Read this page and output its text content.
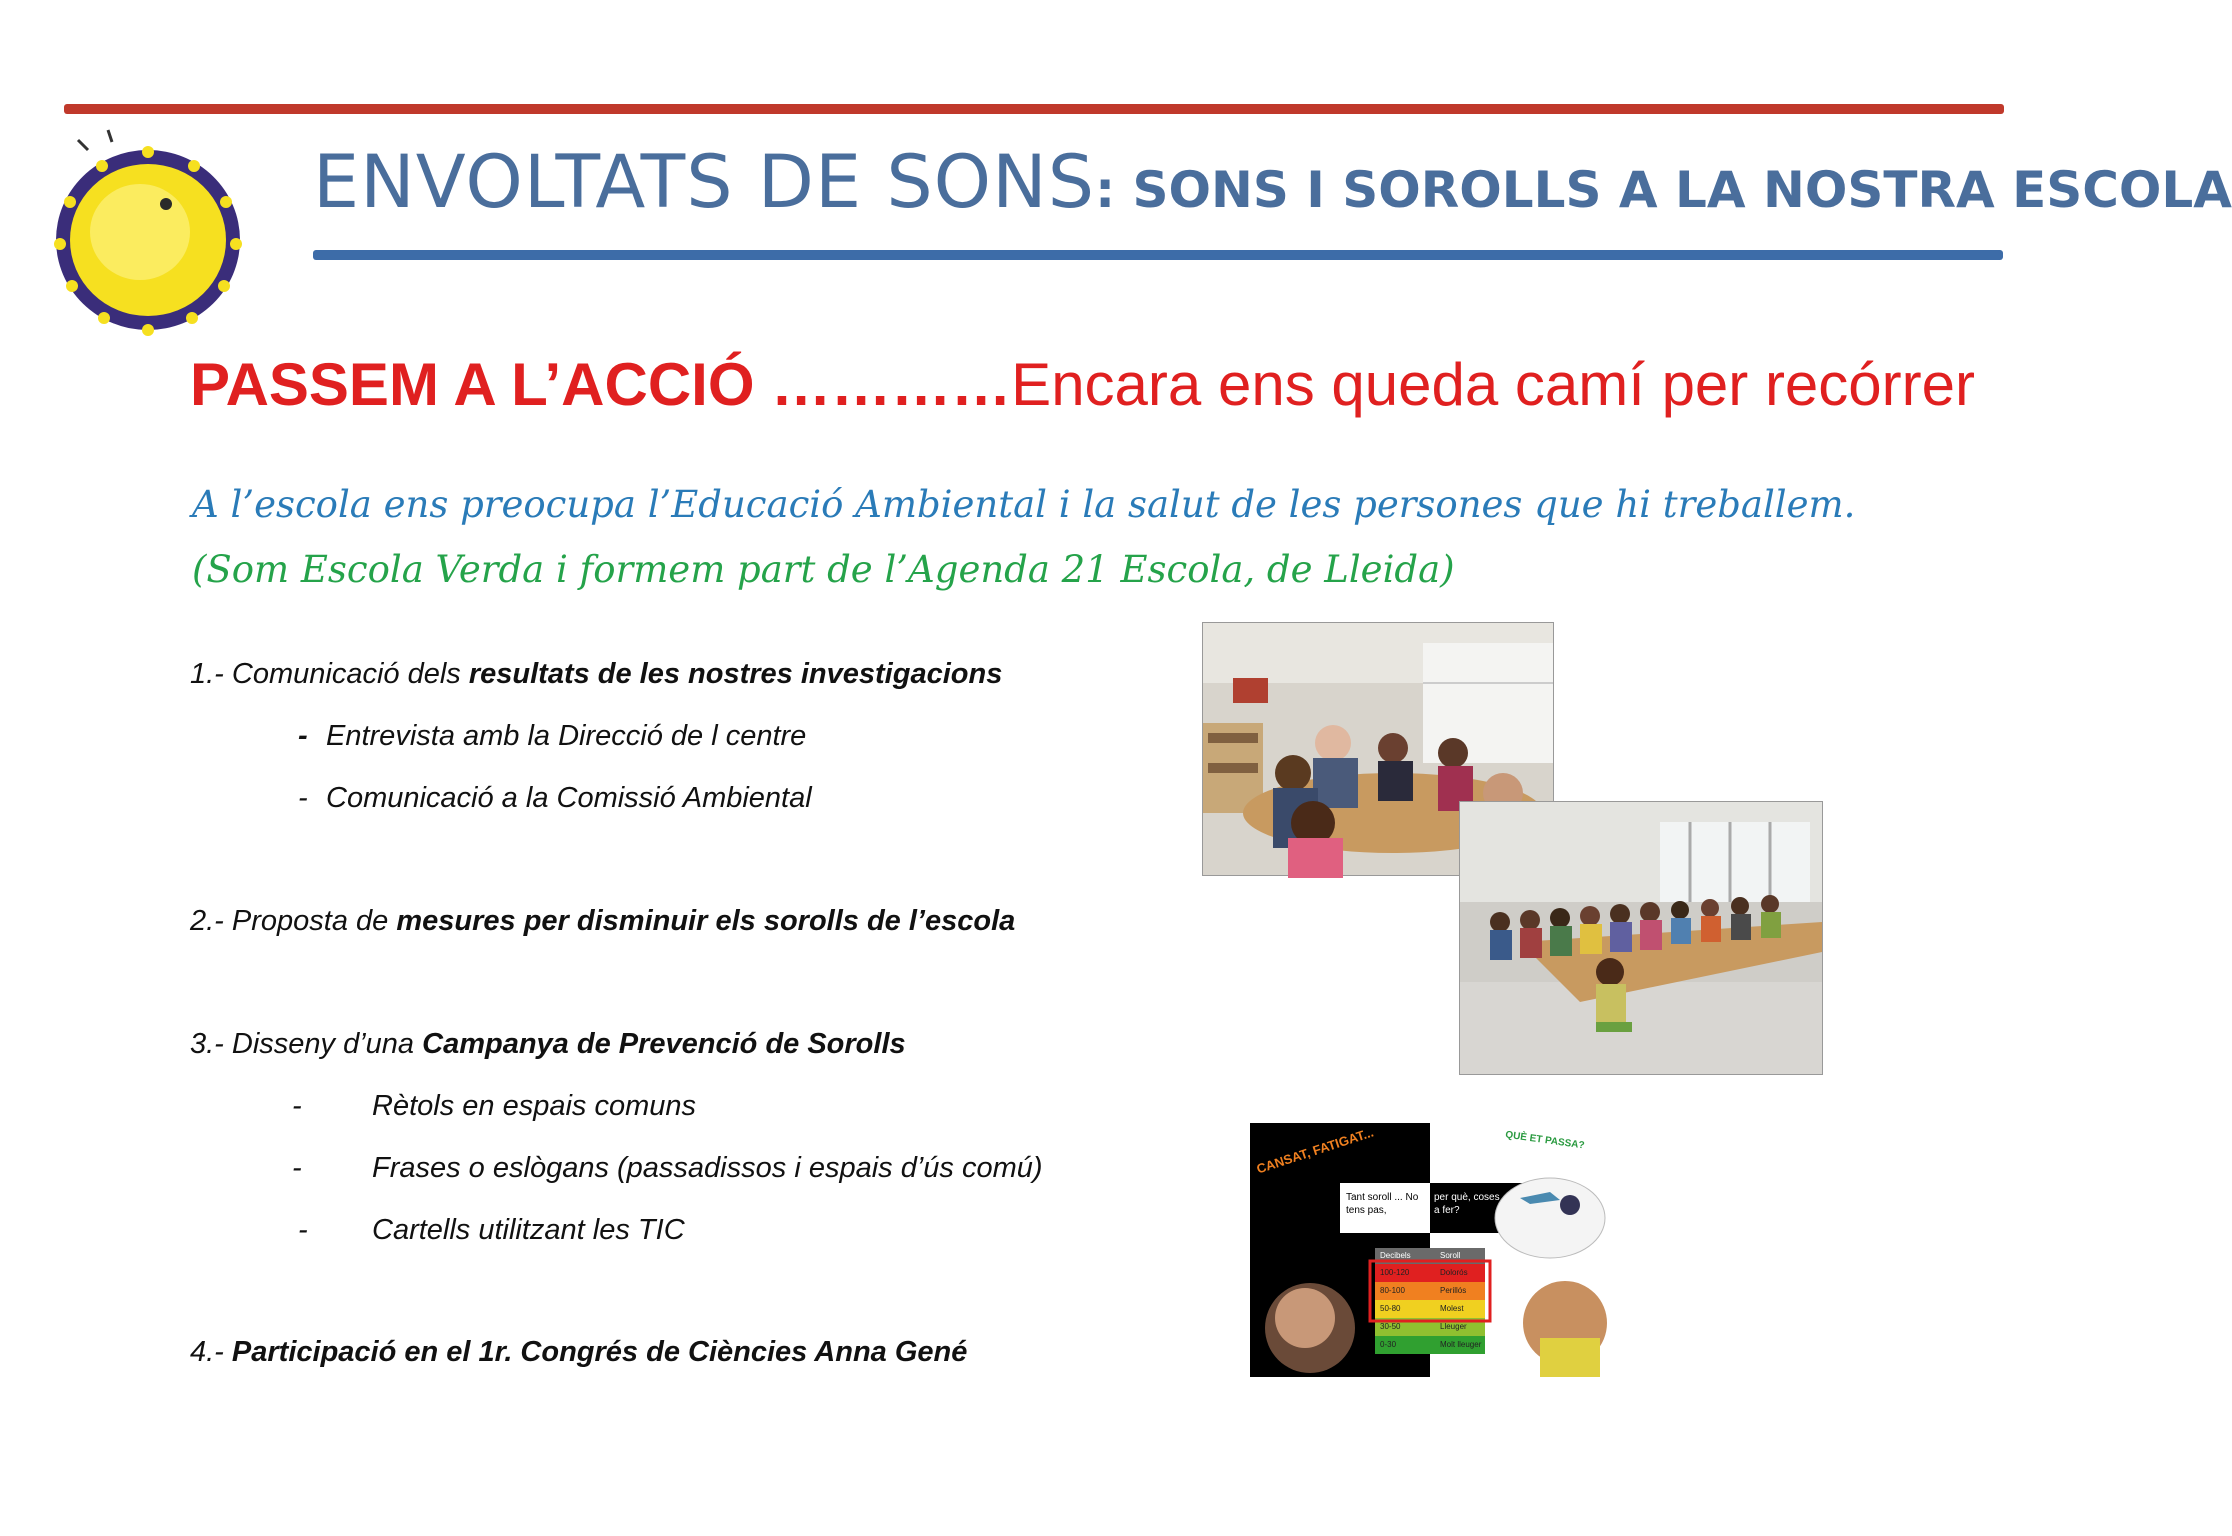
ENVOLTATS DE SONS: SONS I SOROLLS A LA NOSTRA ESCOLA
PASSEM A L’ACCIÓ …………Encara ens queda camí per recórrer
A l’escola ens preocupa l’Educació Ambiental i la salut de les persones que hi treballem.
(Som Escola Verda i formem part de l’Agenda 21 Escola, de Lleida)
1.- Comunicació dels resultats de les nostres investigacions
- Entrevista amb la Direcció de l centre
- Comunicació a la Comissió Ambiental
2.- Proposta de mesures per disminuir els sorolls de l’escola
3.- Disseny d’una Campanya de Prevenció de Sorolls
- Rètols en espais comuns
- Frases o eslògans (passadissos i espais d’ús comú)
- Cartells utilitzant les TIC
4.- Participació en el 1r. Congrés de Ciències Anna Gené
CANSAT, FATIGAT...	QUÈ ET PASSA?
Tant soroll ... No tens pas,
per què, coses a fer?
Decibels	Soroll
100-120	Dolorós
80-100	Perillós
50-80	Molest
30-50	Lleuger
0-30	Molt lleuger
